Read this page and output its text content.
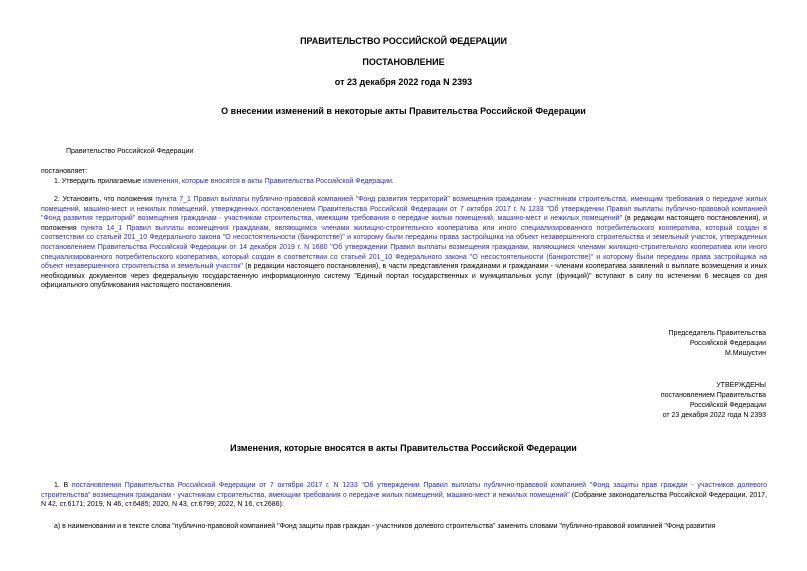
ПРАВИТЕЛЬСТВО РОССИЙСКОЙ ФЕДЕРАЦИИ
ПОСТАНОВЛЕНИЕ
от 23 декабря 2022 года N 2393
О внесении изменений в некоторые акты Правительства Российской Федерации
Правительство Российской Федерации
постановляет:
1. Утвердить прилагаемые изменения, которые вносятся в акты Правительства Российской Федерации.
2. Установить, что положения пункта 7_1 Правил выплаты публично-правовой компанией "Фонд развития территорий" возмещения гражданам - участникам строительства, имеющим требования о передаче жилых помещений, машино-мест и нежилых помещений, утвержденных постановлением Правительства Российской Федерации от 7 октября 2017 г. N 1233 "Об утверждении Правил выплаты публично-правовой компанией "Фонд развития территорий" возмещения гражданам - участникам строительства, имеющим требования о передаче жилых помещений, машино-мест и нежилых помещений" (в редакции настоящего постановления), и положения пункта 14_1 Правил выплаты возмещения гражданам, являющимся членами жилищно-строительного кооператива или иного специализированного потребительского кооператива, который создан в соответствии со статьей 201_10 Федерального закона "О несостоятельности (банкротстве)" и которому были переданы права застройщика на объект незавершенного строительства и земельный участок, утвержденных постановлением Правительства Российской Федерации от 14 декабря 2019 г. N 1680 "Об утверждении Правил выплаты возмещения гражданам, являющимся членами жилищно-строительного кооператива или иного специализированного потребительского кооператива, который создан в соответствии со статьей 201_10 Федерального закона "О несостоятельности (банкротстве)" и которому были переданы права застройщика на объект незавершенного строительства и земельный участок" (в редакции настоящего постановления), в части представления гражданами и гражданами - членами кооператива заявлений о выплате возмещения и иных необходимых документов через федеральную государственную информационную систему "Единый портал государственных и муниципальных услуг (функций)" вступают в силу по истечении 6 месяцев со дня официального опубликования настоящего постановления.
Председатель Правительства
Российской Федерации
М.Мишустин
УТВЕРЖДЕНЫ
постановлением Правительства
Российской Федерации
от 23 декабря 2022 года N 2393
Изменения, которые вносятся в акты Правительства Российской Федерации
1. В постановлении Правительства Российской Федерации от 7 октября 2017 г. N 1233 "Об утверждении Правил выплаты публично-правовой компанией "Фонд защиты прав граждан - участников долевого строительства" возмещения гражданам - участникам строительства, имеющим требования о передаче жилых помещений, машино-мест и нежилых помещений" (Собрание законодательства Российской Федерации, 2017, N 42, ст.6171; 2019, N 46, ст.6485; 2020, N 43, ст.6799; 2022, N 16, ст.2686):
а) в наименовании и в тексте слова "публично-правовой компанией "Фонд защиты прав граждан - участников долевого строительства" заменить словами "публично-правовой компанией "Фонд развития
